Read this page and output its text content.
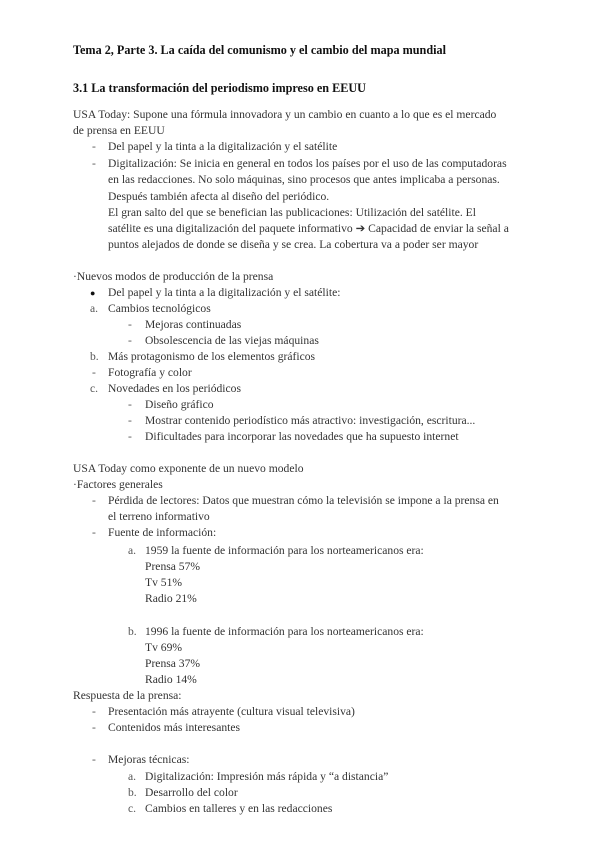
Tema 2, Parte 3. La caída del comunismo y el cambio del mapa mundial
3.1 La transformación del periodismo impreso en EEUU
USA Today: Supone una fórmula innovadora y un cambio en cuanto a lo que es el mercado
de prensa en EEUU
- Del papel y la tinta a la digitalización y el satélite
- Digitalización: Se inicia en general en todos los países por el uso de las computadoras
en las redacciones. No solo máquinas, sino procesos que antes implicaba a personas.
Después también afecta al diseño del periódico.
El gran salto del que se benefician las publicaciones: Utilización del satélite. El
satélite es una digitalización del paquete informativo ➔ Capacidad de enviar la señal a
puntos alejados de donde se diseña y se crea. La cobertura va a poder ser mayor
·Nuevos modos de producción de la prensa
● Del papel y la tinta a la digitalización y el satélite:
a. Cambios tecnológicos
- Mejoras continuadas
- Obsolescencia de las viejas máquinas
b. Más protagonismo de los elementos gráficos
- Fotografía y color
c. Novedades en los periódicos
- Diseño gráfico
- Mostrar contenido periodístico más atractivo: investigación, escritura...
- Dificultades para incorporar las novedades que ha supuesto internet
USA Today como exponente de un nuevo modelo
·Factores generales
- Pérdida de lectores: Datos que muestran cómo la televisión se impone a la prensa en
el terreno informativo
- Fuente de información:
a. 1959 la fuente de información para los norteamericanos era:
Prensa 57%
Tv 51%
Radio 21%
b. 1996 la fuente de información para los norteamericanos era:
Tv 69%
Prensa 37%
Radio 14%
Respuesta de la prensa:
- Presentación más atrayente (cultura visual televisiva)
- Contenidos más interesantes
- Mejoras técnicas:
a. Digitalización: Impresión más rápida y “a distancia”
b. Desarrollo del color
c. Cambios en talleres y en las redacciones
